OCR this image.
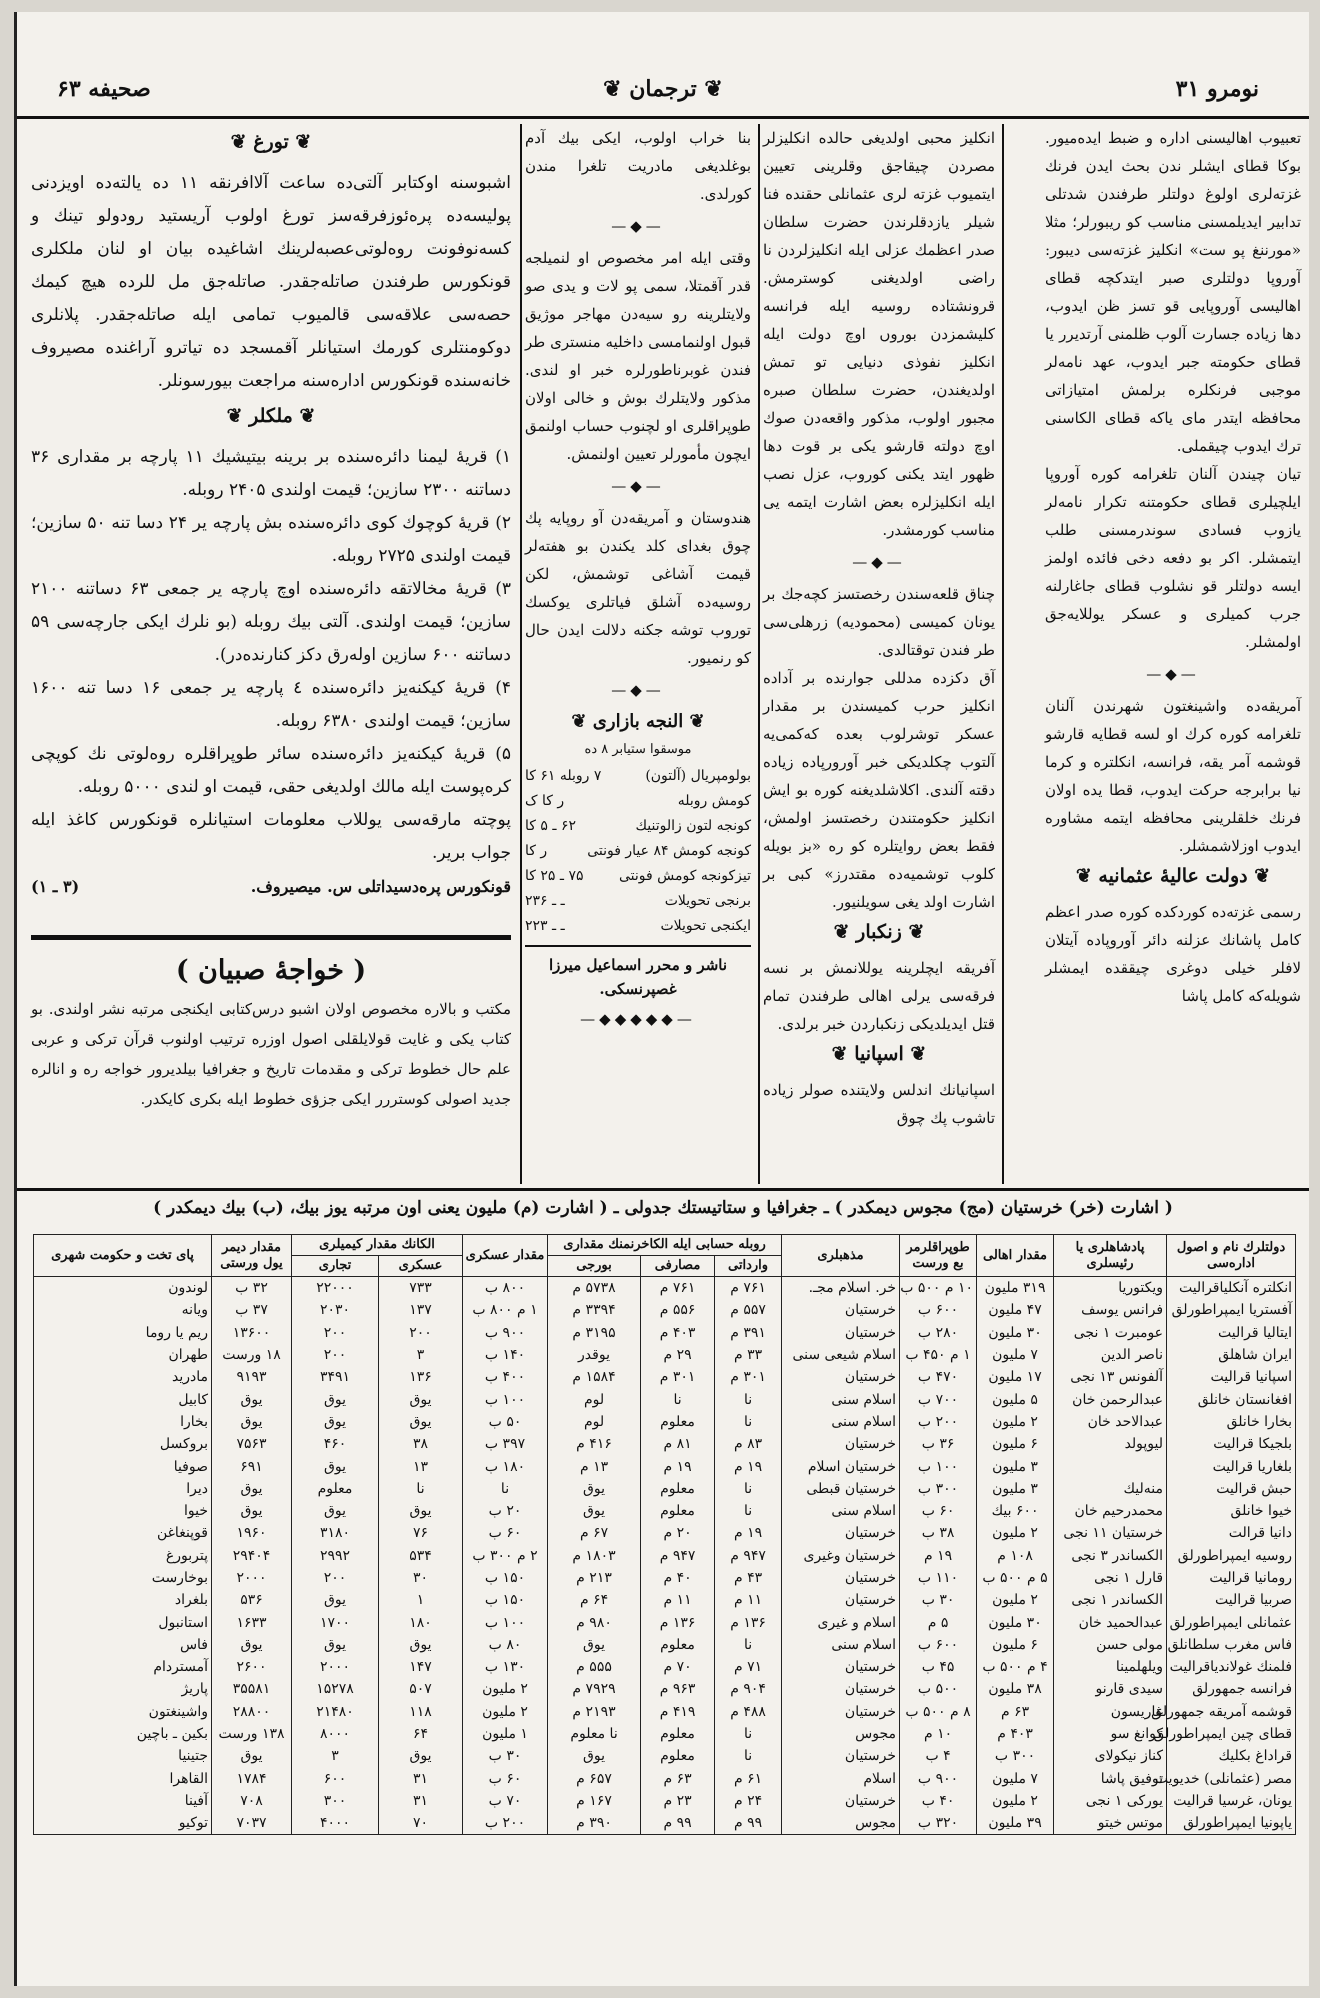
نومرو ۳۱
❦ ترجمان ❦
صحیفه ۶۳

تعبیوب اهالیسنی اداره و ضبط ایده‌میور. بوکا قطای ایشلر ندن بحث ایدن فرنك غزته‌لری اولوغ دولتلر طرفندن شدتلی تدابیر ایدیلمسنی مناسب کو ریبورلر؛ مثلا «مورننغ پو ست» انکلیز غزته‌سی دیبور: آوروپا دولتلری صبر ایتدکچه قطای اهالیسی آوروپایی قو تسز ظن ایدوب، دها زیاده جسارت آلوب ظلمنی آرتدیرر یا قطای حکومته جبر ایدوب، عهد نامه‌لر موجبی فرنکلره برلمش امتیازاتی محافظه ایتدر مای یاکه قطای الکاسنی ترك ایدوب چیقملی.

تیان چیندن آلنان تلغرامه کوره آوروپا ایلچیلری قطای حکومتنه تکرار نامه‌لر یازوب فسادی سوندرمسنی طلب ایتمشلر. اکر بو دفعه دخی فائده اولمز ایسه دولتلر قو نشلوب قطای جاغارلنه جرب کمیلری و عسکر یوللایه‌جق اولمشلر.

—◆—

آمریقه‌ده واشینغتون شهرندن آلنان تلغرامه کوره کرك او لسه قطایه قارشو قوشمه آمر یقه، فرانسه، انکلتره و کرما نیا برابرجه حرکت ایدوب، قطا یده اولان فرنك خلقلرینی محافظه ایتمه مشاوره ایدوب اوزلاشمشلر.

❦ دولت عالیهٔ عثمانیه ❦

رسمی غزته‌ده کوردکده کوره صدر اعظم کامل پاشانك عزلنه دائر آوروپاده آیتلان لافلر خیلی دوغری چیققده ایمشلر شویله‌که کامل پاشا

انکلیز محبی اولدیغی حالده انکلیزلر مصردن چیقاجق وقلرینی تعیین ایتمیوب غزته لری عثمانلی حقنده فنا شیلر یازدقلرندن حضرت سلطان صدر اعظمك عزلی ایله انکلیزلردن نا راضی اولدیغنی کوسترمش. قرونشتاده روسیه ایله فرانسه کلیشمزدن بوروں اوچ دولت ایله انکلیز نفوذی دنیایی تو تمش اولدیغندن، حضرت سلطان صبره مجبور اولوب، مذکور واقعه‌دن صوك اوچ دولته قارشو یکی بر قوت دها ظهور ایتد یکنی کوروب، عزل نصب ایله انکلیزلره بعض اشارت ایتمه یی مناسب کورمشدر.

—◆—

چناق قلعه‌سندن رخصتسز کچه‌جك بر یونان کمیسی (محمودیه) زرهلی‌سی طر فندن توقتالدی.

آق دکزده مدللی جوارنده بر آداده انکلیز حرب کمیسندن بر مقدار عسکر توشرلوب بعده که‌کمی‌یه آلتوب چکلدیکی خبر آورورپاده زیاده دقته آلندی. اکلاشلدیغنه کوره بو ایش انکلیز حکومتندن رخصتسز اولمش، فقط بعض روایتلره کو ره «بز بویله کلوب توشمیه‌ده مقتدرز» کبی بر اشارت اولد یغی سویلنیور.

❦ زنکبار ❦

آفریقه ایچلرینه یوللانمش بر نسه فرقه‌سی یرلی اهالی طرفندن تمام قتل ایدیلدیکی زنکباردن خبر برلدی.

❦ اسپانیا ❦

اسپانیانك اندلس ولایتنده صولر زیاده تاشوب پك چوق

بنا خراب اولوب، ایکی بیك آدم بوغلدیغی مادریت تلغرا مندن کورلدی.

—◆—

وقتی ایله امر مخصوص او لنمیلجه قدر آقمتلا، سمی پو لات و یدی صو ولایتلرینه رو سیه‌دن مهاجر موژیق قبول اولنمامسی داخلیه منستری طر فندن غوبرناطورلره خبر او لندی. مذکور ولایتلرك بوش و خالی اولان طوپراقلری او لچنوب حساب اولنمق ایچون مأمورلر تعیین اولنمش.

—◆—

هندوستان و آمریقه‌دن آو روپایه پك چوق بغدای کلد یکندن بو هفته‌لر قیمت آشاغی توشمش، لکن روسیه‌ده آشلق فیاتلری یوکسك توروب توشه جکنه دلالت ایدن حال کو رنمیور.

—◆—
❦ النجه بازاری ❦
موسقوا ستیابر ۸ ده
بولومپریال (آلتون)
۷ روبله ۶۱ کا
کومش روبله
ر کا ک
کونجه لتون زالوتنیك
۶۲ ـ ۵ کا
کونجه کومش ۸۴ عیار فونتی
ر کا
تیزکونجه کومش فونتی
۷۵ ـ ۲۵ کا
برنجی تحویلات
ـ ـ ۲۳۶
ایکنجی تحویلات
ـ ـ ۲۲۳
ناشر و محرر اسماعیل میرزا غصپرنسکی.
—◆◆◆◆◆—
❦ تورغ ❦

اشبوسنه اوکتابر آلتی‌ده ساعت آلاافرنقه ۱۱ ده یالته‌ده اویزدنی پولیسه‌ده پره‌ئوزفرقه‌سز تورغ اولوب آریستید رودولو تینك و کسه‌نوفونت روه‌لوتی‌عصبه‌لرینك اشاغیده بیان او لنان ملکلری قونکورس طرفندن صاتله‌جقدر. صاتله‌جق مل للرده هیچ کیمك حصه‌سی علاقه‌سی قالمیوب تمامی ایله صاتله‌جقدر. پلانلری دوکومنتلری کورمك استیانلر آقمسجد ده تیاترو آراغنده مصیروف خانه‌سنده قونکورس اداره‌سنه مراجعت بیورسونلر.

❦ ملکلر ❦

۱) قریهٔ لیمنا دائره‌سنده بر برینه بیتیشیك ۱۱ پارچه بر مقداری ۳۶ دساتنه ۲۳۰۰ سازین؛ قیمت اولندی ۲۴۰۵ روبله.

۲) قریهٔ کوچوك کوی دائره‌سنده بش پارچه یر ۲۴ دسا تنه ۵۰ سازین؛ قیمت اولندی ۲۷۲۵ روبله.

۳) قریهٔ مخالاتقه دائره‌سنده اوچ پارچه یر جمعی ۶۳ دساتنه ۲۱۰۰ سازین؛ قیمت اولندی. آلتی بیك روبله (بو نلرك ایکی جارچه‌سی ۵۹ دساتنه ۶۰۰ سازین اوله‌رق دکز کنارنده‌در).

۴) قریهٔ کیکنه‌یز دائره‌سنده ٤ پارچه یر جمعی ۱۶ دسا تنه ۱۶۰۰ سازین؛ قیمت اولندی ۶۳۸۰ روبله.

۵) قریهٔ کیکنه‌یز دائره‌سنده سائر طوپراقلره روه‌لوتی نك کوپچی کره‌پوست ایله مالك اولدیغی حقی، قیمت او لندی ۵۰۰۰ روبله.

پوچته مارقه‌سی یوللاب معلومات استیانلره قونکورس کاغذ ایله جواب بریر.

قونکورس پره‌دسیداتلی س. میصیروف.
(۳ ـ ۱)
( خواجهٔ صبیان )

مکتب و بالاره مخصوص اولان اشبو درس‌کتابی ایکنجی مرتبه نشر اولندی. بو کتاب یکی و غایت قولایلقلی اصول اوزره ترتیب اولنوب قرآن ترکی و عربی علم حال خطوط ترکی و مقدمات تاریخ و جغرافیا بیلدیرور خواجه ره و انالره جدید اصولی کوستررر ایکی جزؤی خطوط ایله بکری کایکدر.

( اشارت (خر) خرستیان (مج) مجوس دیمکدر ) ـ جغرافیا و ستاتیستك جدولی ـ ( اشارت (م) ملیون یعنی اون مرتبه یوز بیك، (ب) بیك دیمکدر )
دولتلرك نام و اصول اداره‌سی	پادشاهلری یا رئیسلری	مقدار اهالی	طوپراقلرمر بع ورست	مذهبلری	روبله حسابی ایله الکاخرنمنك مقداری			مقدار عسکری	الکانك مقدار کیمیلری		مقدار دیمر یول ورستی	پای تخت و حکومت شهری
					وارداتی	مصارفی	بورجی		عسکری	تجاری		
انکلتره آنکلیاقرالیت	ویکتوریا	۳۱۹ ملیون	۱۰ م ۵۰۰ ب	خر. اسلام مجـ.	۷۶۱ م	۷۶۱ م	۵۷۳۸ م	۸۰۰ ب	۷۳۳	۲۲۰۰۰	۳۲ ب	لوندون
آفستریا ایمپراطورلق	فرانس یوسف	۴۷ ملیون	۶۰۰ ب	خرستیان	۵۵۷ م	۵۵۶ م	۳۳۹۴ م	۱ م ۸۰۰ ب	۱۳۷	۲۰۳۰	۳۷ ب	ویانه
ایتالیا قرالیت	عومبرت ۱ نجی	۳۰ ملیون	۲۸۰ ب	خرستیان	۳۹۱ م	۴۰۳ م	۳۱۹۵ م	۹۰۰ ب	۲۰۰	۲۰۰	۱۳۶۰۰	ریم یا روما
ایران شاهلق	ناصر الدین	۷ ملیون	۱ م ۴۵۰ ب	اسلام شیعی سنی	۳۳ م	۲۹ م	یوقدر	۱۴۰ ب	۳	۲۰۰	۱۸ ورست	طهران
اسپانیا قرالیت	آلفونس ۱۳ نجی	۱۷ ملیون	۴۷۰ ب	خرستیان	۳۰۱ م	۳۰۱ م	۱۵۸۴ م	۴۰۰ ب	۱۳۶	۳۴۹۱	۹۱۹۳	مادرید
افغانستان خانلق	عبدالرحمن خان	۵ ملیون	۷۰۰ ب	اسلام سنی	نا	نا	لوم	۱۰۰ ب	یوق	یوق	یوق	کابیل
بخارا خانلق	عبدالاحد خان	۲ ملیون	۲۰۰ ب	اسلام سنی	نا	معلوم	لوم	۵۰ ب	یوق	یوق	یوق	بخارا
بلجیکا قرالیت	لیوپولد	۶ ملیون	۳۶ ب	خرستیان	۸۳ م	۸۱ م	۴۱۶ م	۳۹۷ ب	۳۸	۴۶۰	۷۵۶۳	بروکسل
بلغاریا قرالیت		۳ ملیون	۱۰۰ ب	خرستیان اسلام	۱۹ م	۱۹ م	۱۳ م	۱۸۰ ب	۱۳	یوق	۶۹۱	صوفیا
حبش قرالیت	منه‌لیك	۳ ملیون	۳۰۰ ب	خرستیان قبطی	نا	معلوم	یوق	نا	نا	معلوم	یوق	دیرا
خیوا خانلق	محمدرحیم خان	۶۰۰ بیك	۶۰ ب	اسلام سنی	نا	معلوم	یوق	۲۰ ب	یوق	یوق	یوق	خیوا
دانیا قرالت	خرستیان ۱۱ نجی	۲ ملیون	۳۸ ب	خرستیان	۱۹ م	۲۰ م	۶۷ م	۶۰ ب	۷۶	۳۱۸۰	۱۹۶۰	قوپنغاغن
روسیه ایمپراطورلق	الکساندر ۳ نجی	۱۰۸ م	۱۹ م	خرستیان وغیری	۹۴۷ م	۹۴۷ م	۱۸۰۳ م	۲ م ۳۰۰ ب	۵۳۴	۲۹۹۲	۲۹۴۰۴	پتربورغ
رومانیا قرالیت	قارل ۱ نجی	۵ م ۵۰۰ ب	۱۱۰ ب	خرستیان	۴۳ م	۴۰ م	۲۱۳ م	۱۵۰ ب	۳۰	۲۰۰	۲۰۰۰	بوخارست
صربیا قرالیت	الکساندر ۱ نجی	۲ ملیون	۳۰ ب	خرستیان	۱۱ م	۱۱ م	۶۴ م	۱۵۰ ب	۱	یوق	۵۳۶	بلغراد
عثمانلی ایمپراطورلق	عبدالحمید خان	۳۰ ملیون	۵ م	اسلام و غیری	۱۳۶ م	۱۳۶ م	۹۸۰ م	۱۰۰ ب	۱۸۰	۱۷۰۰	۱۶۳۳	استانبول
فاس مغرب سلطانلق	مولی حسن	۶ ملیون	۶۰۰ ب	اسلام سنی	نا	معلوم	یوق	۸۰ ب	یوق	یوق	یوق	فاس
فلمنك غولاندیاقرالیت	ویلهلمینا	۴ م ۵۰۰ ب	۴۵ ب	خرستیان	۷۱ م	۷۰ م	۵۵۵ م	۱۳۰ ب	۱۴۷	۲۰۰۰	۲۶۰۰	آمستردام
فرانسه جمهورلق	سیدی قارنو	۳۸ ملیون	۵۰۰ ب	خرستیان	۹۰۴ م	۹۶۳ م	۷۹۲۹ م	۲ ملیون	۵۰۷	۱۵۲۷۸	۳۵۵۸۱	پاریژ
قوشمه آمریقه جمهورلق	غاریسون	۶۳ م	۸ م ۵۰۰ ب	خرستیان	۴۸۸ م	۴۱۹ م	۲۱۹۳ م	۲ ملیون	۱۱۸	۲۱۴۸۰	۲۸۸۰۰	واشینغتون
قطای چین ایمپراطورلق	کوانغ سو	۴۰۳ م	۱۰ م	مجوس	نا	معلوم	نا معلوم	۱ ملیون	۶۴	۸۰۰۰	۱۳۸ ورست	بکین ـ باچین
قراداغ بکلیك	کناز نیکولای	۳۰۰ ب	۴ ب	خرستیان	نا	معلوم	یوق	۳۰ ب	یوق	۳	یوق	جتینیا
مصر (عثمانلی) خدیویت	توفیق پاشا	۷ ملیون	۹۰۰ ب	اسلام	۶۱ م	۶۳ م	۶۵۷ م	۶۰ ب	۳۱	۶۰۰	۱۷۸۴	القاهرا
یونان، غرسیا قرالیت	یورکی ۱ نجی	۲ ملیون	۴۰ ب	خرستیان	۲۴ م	۲۳ م	۱۶۷ م	۷۰ ب	۳۱	۳۰۰	۷۰۸	آفینا
یاپونیا ایمپراطورلق	موتس خیتو	۳۹ ملیون	۳۲۰ ب	مجوس	۹۹ م	۹۹ م	۳۹۰ م	۲۰۰ ب	۷۰	۴۰۰۰	۷۰۳۷	توکیو
